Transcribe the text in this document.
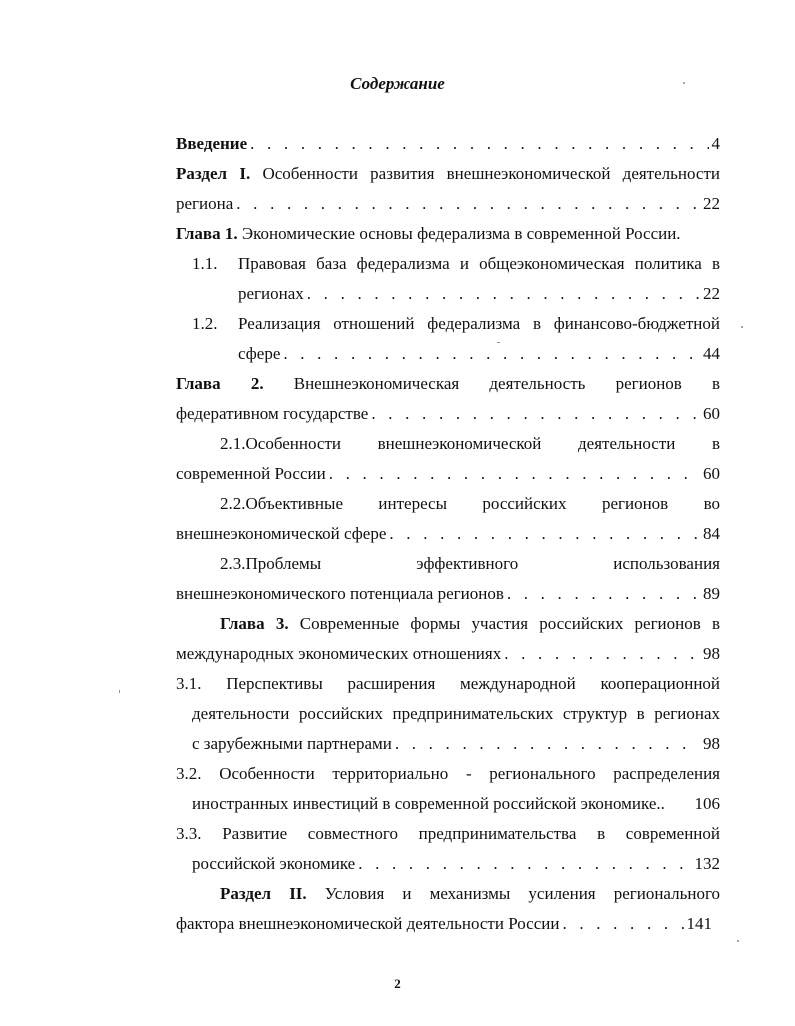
Содержание
Введение . . .	4
Раздел I. Особенности развития внешнеэкономической деятельности
региона . . .	22
Глава 1. Экономические основы федерализма в современной России.
1.1. Правовая база федерализма и общеэкономическая политика в
регионах . . .	22
1.2. Реализация отношений федерализма в финансово-бюджетной
сфере . . .	44
Глава 2. Внешнеэкономическая деятельность регионов в
федеративном государстве . . .	60
2.1.Особенности внешнеэкономической деятельности в
современной России . . .	60
2.2.Объективные интересы российских регионов во
внешнеэкономической сфере . . .	84
2.3.Проблемы	эффективного	использования
внешнеэкономического потенциала регионов . . .	89
Глава 3. Современные формы участия российских регионов в
международных экономических отношениях . . .	98
3.1. Перспективы расширения международной кооперационной
деятельности российских предпринимательских структур в регионах
с зарубежными партнерами . . .	98
3.2. Особенности территориально - регионального распределения
иностранных инвестиций в современной российской экономике.. 106
3.3. Развитие совместного предпринимательства в современной
российской экономике . . .	132
Раздел II. Условия и механизмы усиления регионального
фактора внешнеэкономической деятельности России . . .	141
2
